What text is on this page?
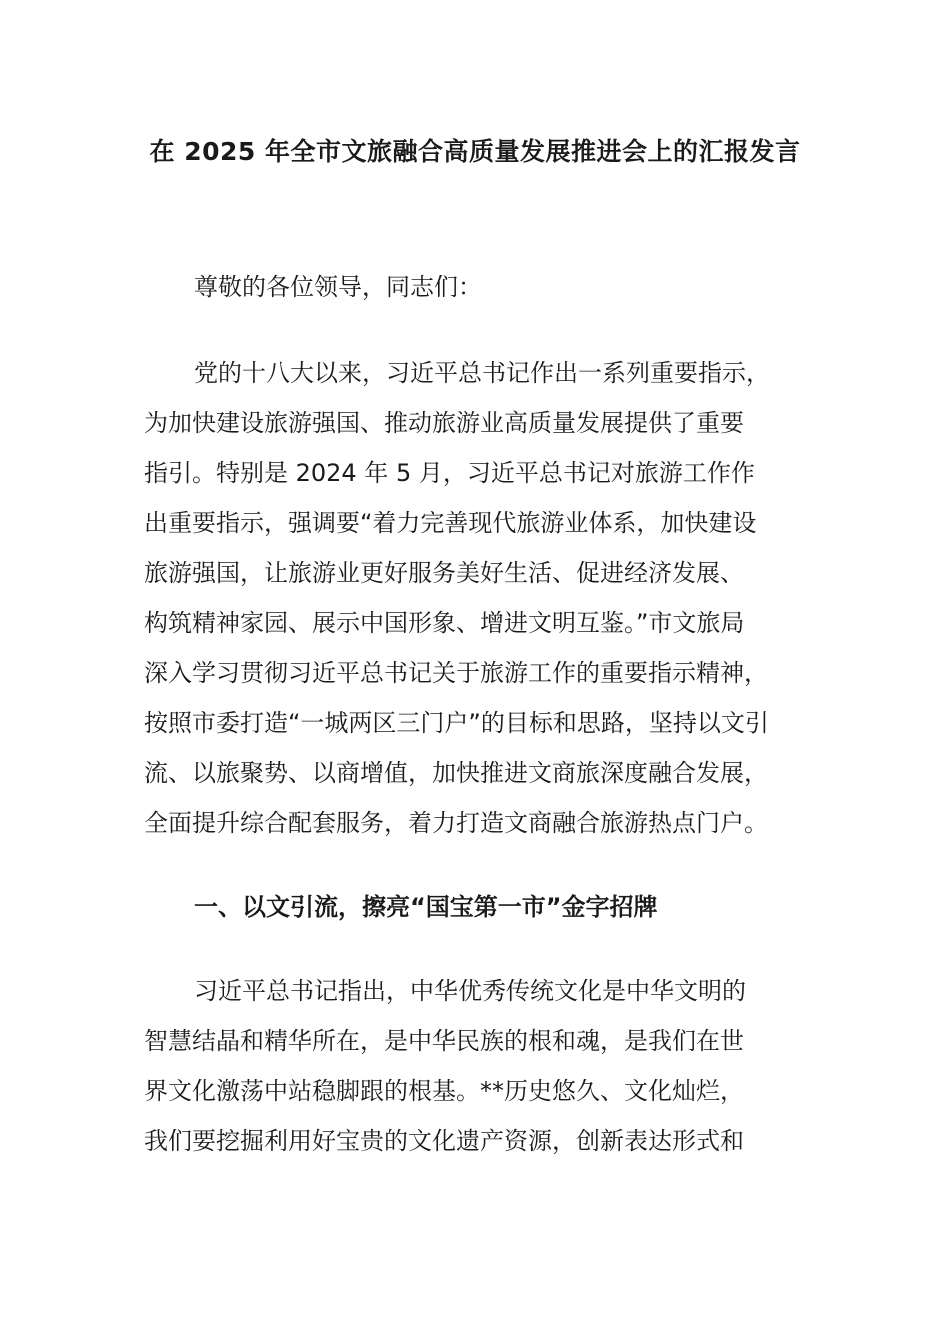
在 2025 年全市文旅融合高质量发展推进会上的汇报发言

尊敬的各位领导，同志们：

党的十八大以来，习近平总书记作出一系列重要指示，
为加快建设旅游强国、推动旅游业高质量发展提供了重要
指引。特别是 2024 年 5 月，习近平总书记对旅游工作作
出重要指示，强调要“着力完善现代旅游业体系，加快建设
旅游强国，让旅游业更好服务美好生活、促进经济发展、
构筑精神家园、展示中国形象、增进文明互鉴。”市文旅局
深入学习贯彻习近平总书记关于旅游工作的重要指示精神，
按照市委打造“一城两区三门户”的目标和思路，坚持以文引
流、以旅聚势、以商增值，加快推进文商旅深度融合发展，
全面提升综合配套服务，着力打造文商融合旅游热点门户。

一、以文引流，擦亮“国宝第一市”金字招牌

习近平总书记指出，中华优秀传统文化是中华文明的
智慧结晶和精华所在，是中华民族的根和魂，是我们在世
界文化激荡中站稳脚跟的根基。**历史悠久、文化灿烂，
我们要挖掘利用好宝贵的文化遗产资源，创新表达形式和
